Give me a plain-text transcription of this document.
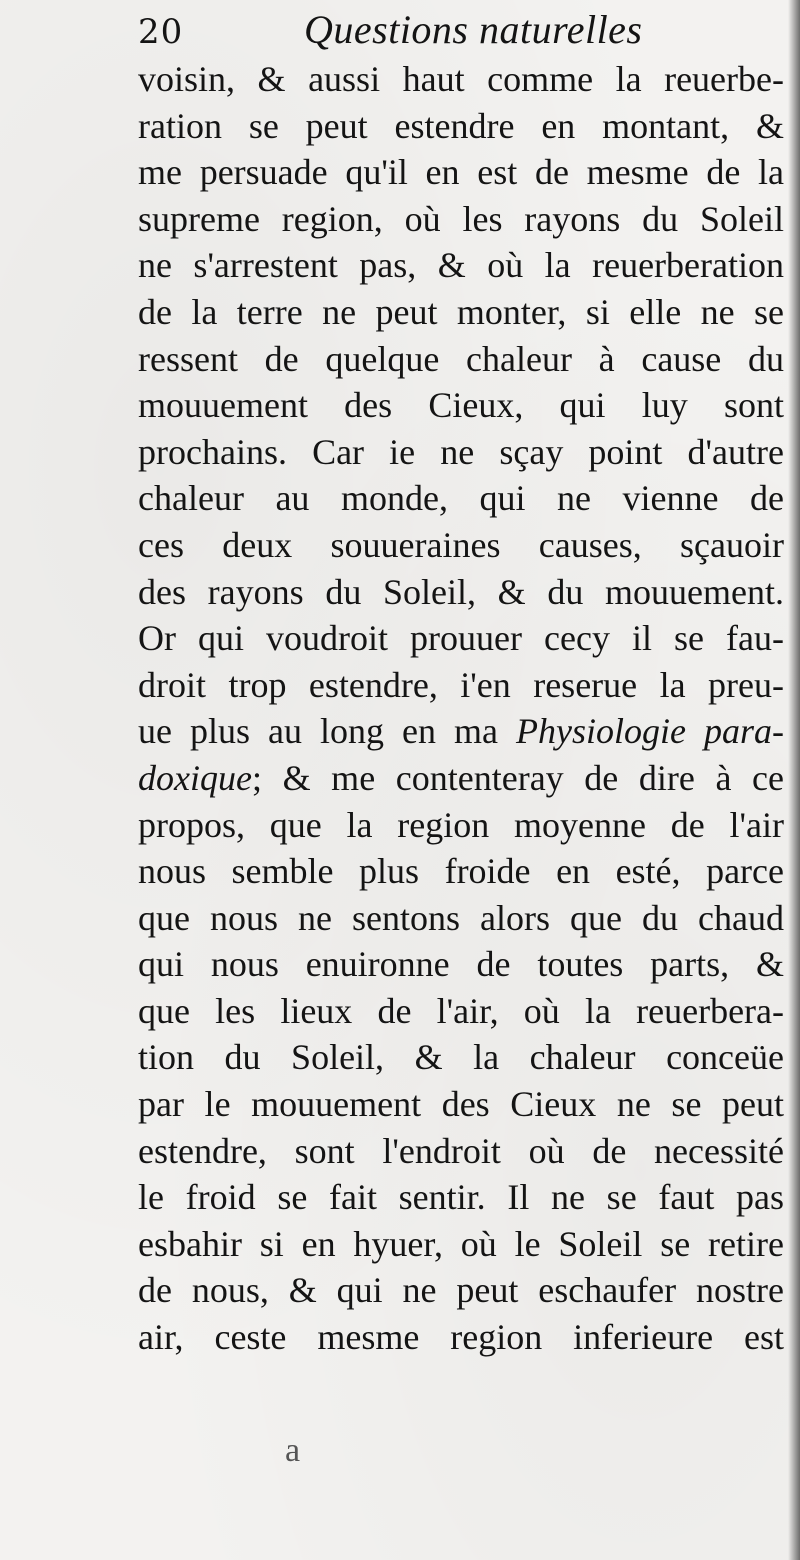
20	Questions naturelles
voisin, & aussi haut comme la reuerbe-
ration se peut estendre en montant, &
me persuade qu'il en est de mesme de la
supreme region, où les rayons du Soleil
ne s'arrestent pas, & où la reuerberation
de la terre ne peut monter, si elle ne se
ressent de quelque chaleur à cause du
mouuement des Cieux, qui luy sont
prochains. Car ie ne sçay point d'autre
chaleur au monde, qui ne vienne de
ces deux souueraines causes, sçauoir
des rayons du Soleil, & du mouuement.
Or qui voudroit prouuer cecy il se fau-
droit trop estendre, i'en reserue la preu-
ue plus au long en ma Physiologie para-
doxique; & me contenteray de dire à ce
propos, que la region moyenne de l'air
nous semble plus froide en esté, parce
que nous ne sentons alors que du chaud
qui nous enuironne de toutes parts, &
que les lieux de l'air, où la reuerbera-
tion du Soleil, & la chaleur conceüe
par le mouuement des Cieux ne se peut
estendre, sont l'endroit où de necessité
le froid se fait sentir. Il ne se faut pas
esbahir si en hyuer, où le Soleil se retire
de nous, & qui ne peut eschaufer nostre
air, ceste mesme region inferieure est
a
